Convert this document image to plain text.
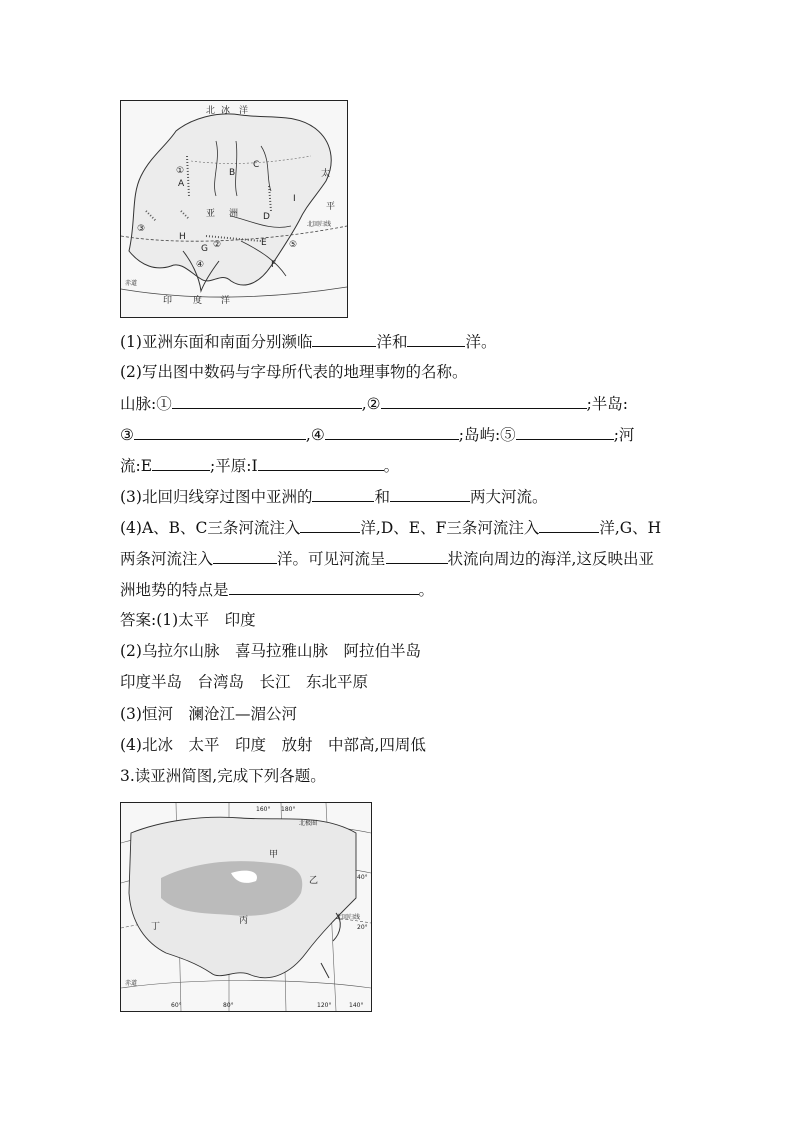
北 冰 洋
①
A
B
C
D
E
F
G
H
I
③
②
④
⑤
亚 洲
太
平
印 度 洋
北回归线
赤道
(1)亚洲东面和南面分别濒临	洋和	洋。
(2)写出图中数码与字母所代表的地理事物的名称。
山脉:①	,②	;半岛:
③	,④	;岛屿:⑤	;河
流:E	;平原:I	。
(3)北回归线穿过图中亚洲的	和	两大河流。
(4)A、B、C三条河流注入	洋,D、E、F三条河流注入	洋,G、H
两条河流注入	洋。可见河流呈	状流向周边的海洋,这反映出亚
洲地势的特点是	。
答案:(1)太平　印度
(2)乌拉尔山脉　喜马拉雅山脉　阿拉伯半岛
印度半岛　台湾岛　长江　东北平原
(3)恒河　澜沧江—湄公河
(4)北冰　太平　印度　放射　中部高,四周低
3.读亚洲简图,完成下列各题。
甲
乙
丙
丁
60°	80°	120°	140°
160° 180°
北回归线
赤道
北极圈
40°
20°
